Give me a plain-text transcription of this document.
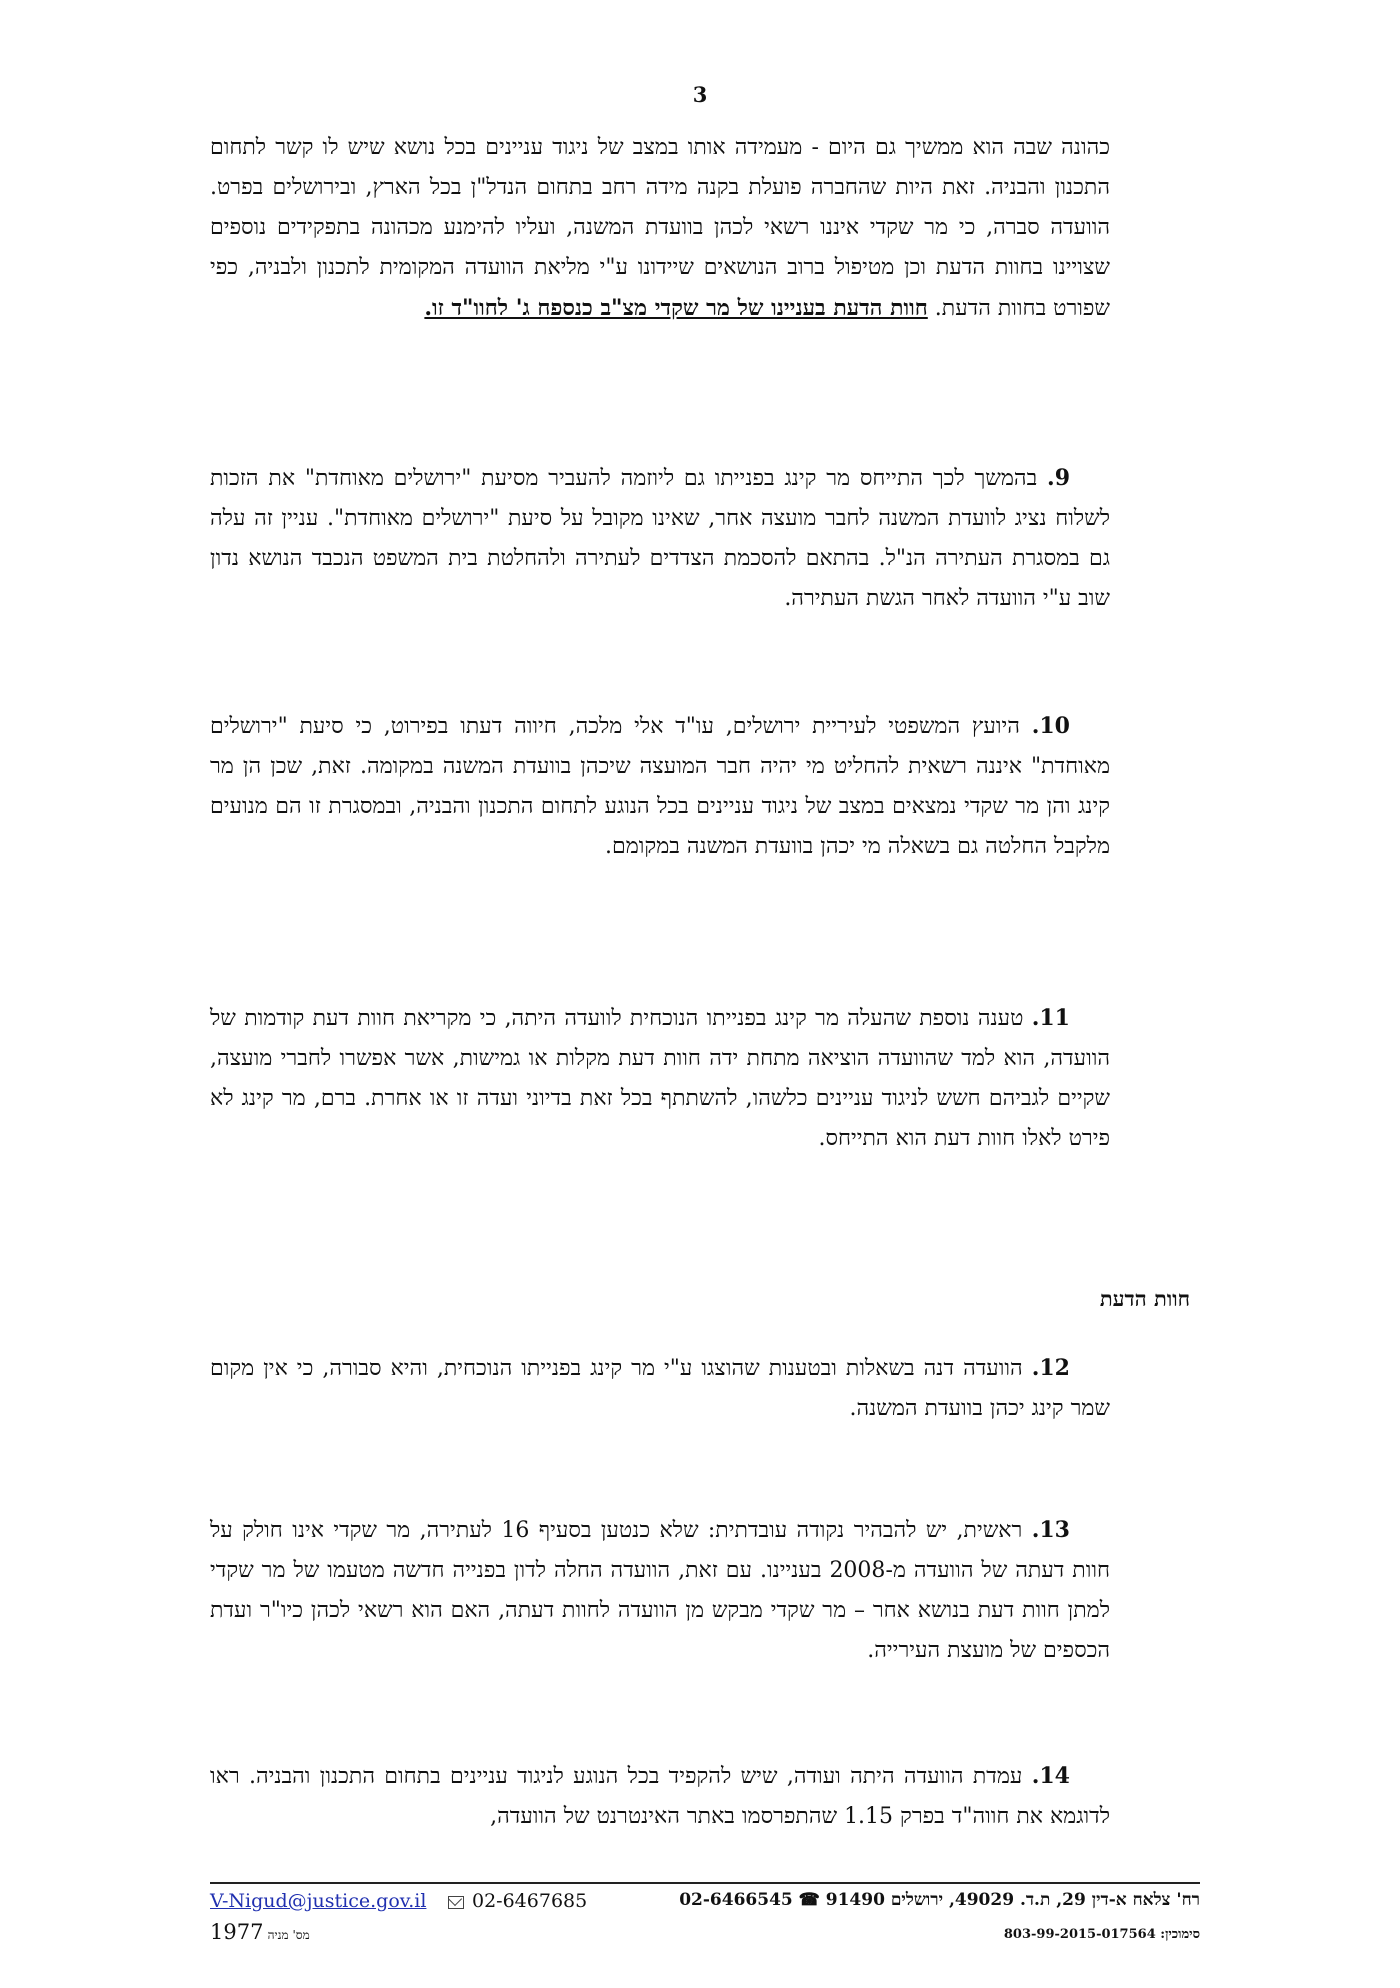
3
כהונה שבה הוא ממשיך גם היום - מעמידה אותו במצב של ניגוד עניינים בכל נושא שיש לו קשר לתחום התכנון והבניה. זאת היות שהחברה פועלת בקנה מידה רחב בתחום הנדל"ן בכל הארץ, ובירושלים בפרט. הוועדה סברה, כי מר שקדי איננו רשאי לכהן בוועדת המשנה, ועליו להימנע מכהונה בתפקידים נוספים שצויינו בחוות הדעת וכן מטיפול ברוב הנושאים שיידונו ע"י מליאת הוועדה המקומית לתכנון ולבניה, כפי שפורט בחוות הדעת. חוות הדעת בעניינו של מר שקדי מצ"ב כנספח ג' לחוו"ד זו.
9. בהמשך לכך התייחס מר קינג בפנייתו גם ליוזמה להעביר מסיעת "ירושלים מאוחדת" את הזכות לשלוח נציג לוועדת המשנה לחבר מועצה אחר, שאינו מקובל על סיעת "ירושלים מאוחדת". עניין זה עלה גם במסגרת העתירה הנ"ל. בהתאם להסכמת הצדדים לעתירה ולהחלטת בית המשפט הנכבד הנושא נדון שוב ע"י הוועדה לאחר הגשת העתירה.
10. היועץ המשפטי לעיריית ירושלים, עו"ד אלי מלכה, חיווה דעתו בפירוט, כי סיעת "ירושלים מאוחדת" איננה רשאית להחליט מי יהיה חבר המועצה שיכהן בוועדת המשנה במקומה. זאת, שכן הן מר קינג והן מר שקדי נמצאים במצב של ניגוד עניינים בכל הנוגע לתחום התכנון והבניה, ובמסגרת זו הם מנועים מלקבל החלטה גם בשאלה מי יכהן בוועדת המשנה במקומם.
11. טענה נוספת שהעלה מר קינג בפנייתו הנוכחית לוועדה היתה, כי מקריאת חוות דעת קודמות של הוועדה, הוא למד שהוועדה הוציאה מתחת ידה חוות דעת מקלות או גמישות, אשר אפשרו לחברי מועצה, שקיים לגביהם חשש לניגוד עניינים כלשהו, להשתתף בכל זאת בדיוני ועדה זו או אחרת. ברם, מר קינג לא פירט לאלו חוות דעת הוא התייחס.
חוות הדעת
12. הוועדה דנה בשאלות ובטענות שהוצגו ע"י מר קינג בפנייתו הנוכחית, והיא סבורה, כי אין מקום שמר קינג יכהן בוועדת המשנה.
13. ראשית, יש להבהיר נקודה עובדתית: שלא כנטען בסעיף 16 לעתירה, מר שקדי אינו חולק על חוות דעתה של הוועדה מ-2008 בעניינו. עם זאת, הוועדה החלה לדון בפנייה חדשה מטעמו של מר שקדי למתן חוות דעת בנושא אחר – מר שקדי מבקש מן הוועדה לחוות דעתה, האם הוא רשאי לכהן כיו"ר ועדת הכספים של מועצת העירייה.
14. עמדת הוועדה היתה ועודה, שיש להקפיד בכל הנוגע לניגוד עניינים בתחום התכנון והבניה. ראו לדוגמא את חווה"ד בפרק 1.15 שהתפרסמו באתר האינטרנט של הוועדה,
רח' צלאח א-דין 29, ת.ד. 49029, ירושלים 91490 ☎ 02-6466545
02-6467685
V-Nigud@justice.gov.il
סימוכין: 803-99-2015-017564
1977 מס' מניה
